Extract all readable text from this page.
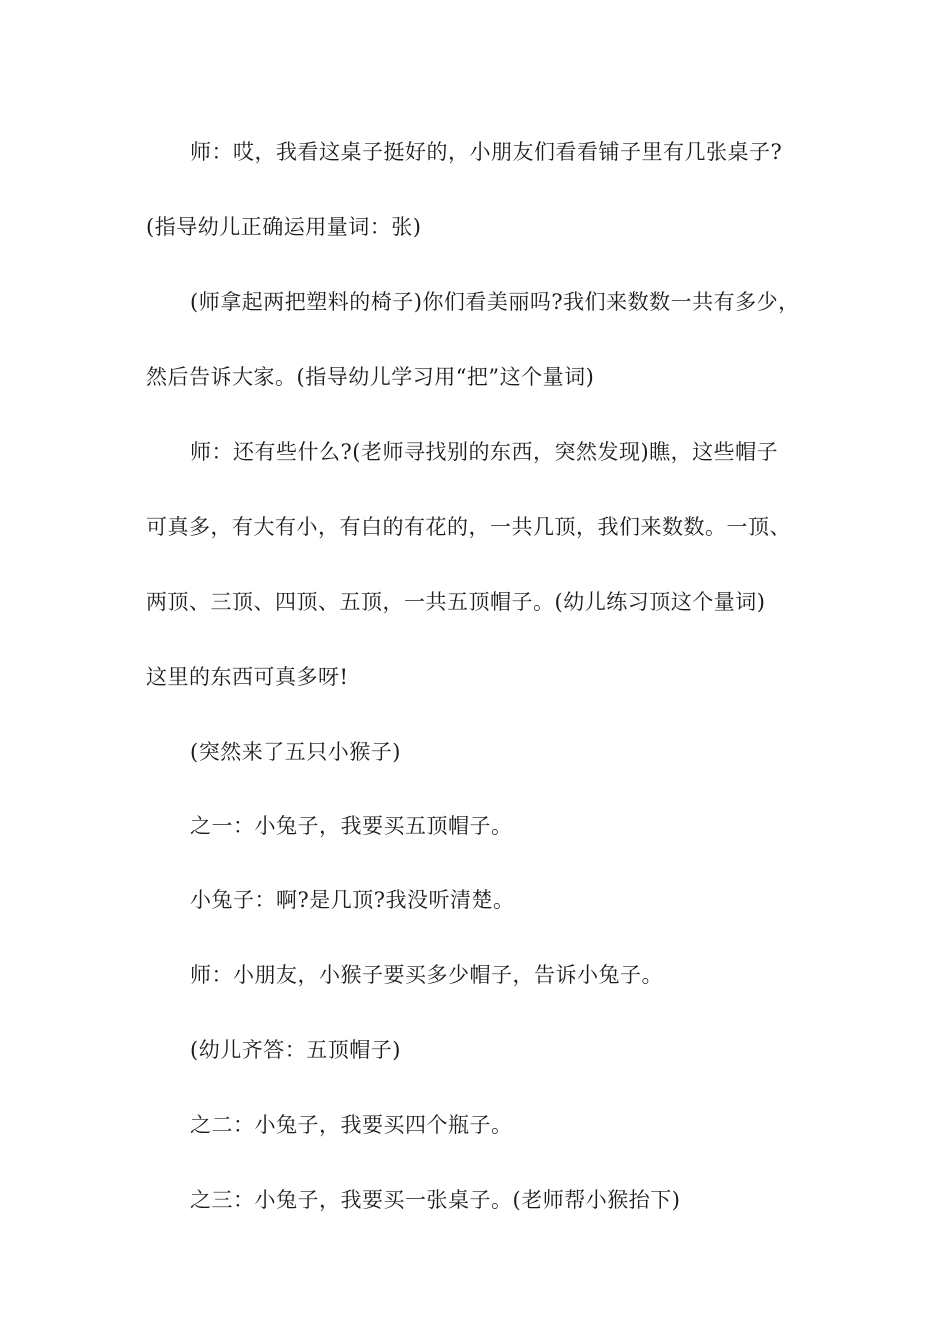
师：哎，我看这桌子挺好的，小朋友们看看铺子里有几张桌子?
(指导幼儿正确运用量词：张)
(师拿起两把塑料的椅子)你们看美丽吗?我们来数数一共有多少，
然后告诉大家。(指导幼儿学习用“把”这个量词)
师：还有些什么?(老师寻找别的东西，突然发现)瞧，这些帽子
可真多，有大有小，有白的有花的，一共几顶，我们来数数。一顶、
两顶、三顶、四顶、五顶，一共五顶帽子。(幼儿练习顶这个量词)
这里的东西可真多呀!
(突然来了五只小猴子)
之一：小兔子，我要买五顶帽子。
小兔子：啊?是几顶?我没听清楚。
师：小朋友，小猴子要买多少帽子，告诉小兔子。
(幼儿齐答：五顶帽子)
之二：小兔子，我要买四个瓶子。
之三：小兔子，我要买一张桌子。(老师帮小猴抬下)
